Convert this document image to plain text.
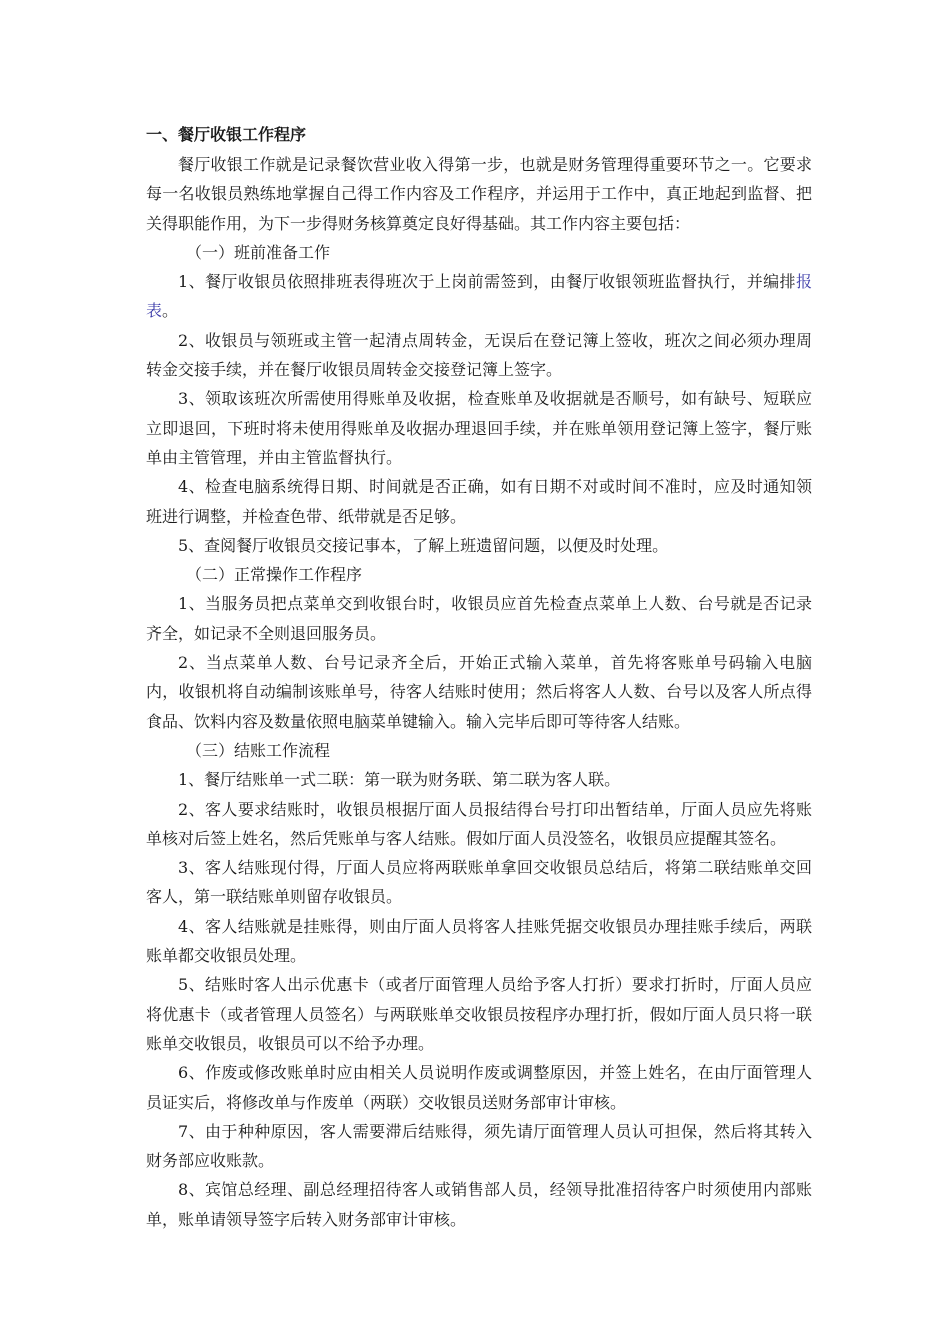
一、餐厅收银工作程序

餐厅收银工作就是记录餐饮营业收入得第一步，也就是财务管理得重要环节之一。它要求每一名收银员熟练地掌握自己得工作内容及工作程序，并运用于工作中，真正地起到监督、把关得职能作用，为下一步得财务核算奠定良好得基础。其工作内容主要包括：

（一）班前准备工作

1、餐厅收银员依照排班表得班次于上岗前需签到，由餐厅收银领班监督执行，并编排报表。

2、收银员与领班或主管一起清点周转金，无误后在登记簿上签收，班次之间必须办理周转金交接手续，并在餐厅收银员周转金交接登记簿上签字。

3、领取该班次所需使用得账单及收据，检查账单及收据就是否顺号，如有缺号、短联应立即退回，下班时将未使用得账单及收据办理退回手续，并在账单领用登记簿上签字，餐厅账单由主管管理，并由主管监督执行。

4、检查电脑系统得日期、时间就是否正确，如有日期不对或时间不准时，应及时通知领班进行调整，并检查色带、纸带就是否足够。

5、查阅餐厅收银员交接记事本，了解上班遗留问题，以便及时处理。

（二）正常操作工作程序

1、当服务员把点菜单交到收银台时，收银员应首先检查点菜单上人数、台号就是否记录齐全，如记录不全则退回服务员。

2、当点菜单人数、台号记录齐全后，开始正式输入菜单，首先将客账单号码输入电脑内，收银机将自动编制该账单号，待客人结账时使用；然后将客人人数、台号以及客人所点得食品、饮料内容及数量依照电脑菜单键输入。输入完毕后即可等待客人结账。

（三）结账工作流程

1、餐厅结账单一式二联：第一联为财务联、第二联为客人联。

2、客人要求结账时，收银员根据厅面人员报结得台号打印出暂结单，厅面人员应先将账单核对后签上姓名，然后凭账单与客人结账。假如厅面人员没签名，收银员应提醒其签名。

3、客人结账现付得，厅面人员应将两联账单拿回交收银员总结后，将第二联结账单交回客人，第一联结账单则留存收银员。

4、客人结账就是挂账得，则由厅面人员将客人挂账凭据交收银员办理挂账手续后，两联账单都交收银员处理。

5、结账时客人出示优惠卡（或者厅面管理人员给予客人打折）要求打折时，厅面人员应将优惠卡（或者管理人员签名）与两联账单交收银员按程序办理打折，假如厅面人员只将一联账单交收银员，收银员可以不给予办理。

6、作废或修改账单时应由相关人员说明作废或调整原因，并签上姓名，在由厅面管理人员证实后，将修改单与作废单（两联）交收银员送财务部审计审核。

7、由于种种原因，客人需要滞后结账得，须先请厅面管理人员认可担保，然后将其转入财务部应收账款。

8、宾馆总经理、副总经理招待客人或销售部人员，经领导批准招待客户时须使用内部账单，账单请领导签字后转入财务部审计审核。
